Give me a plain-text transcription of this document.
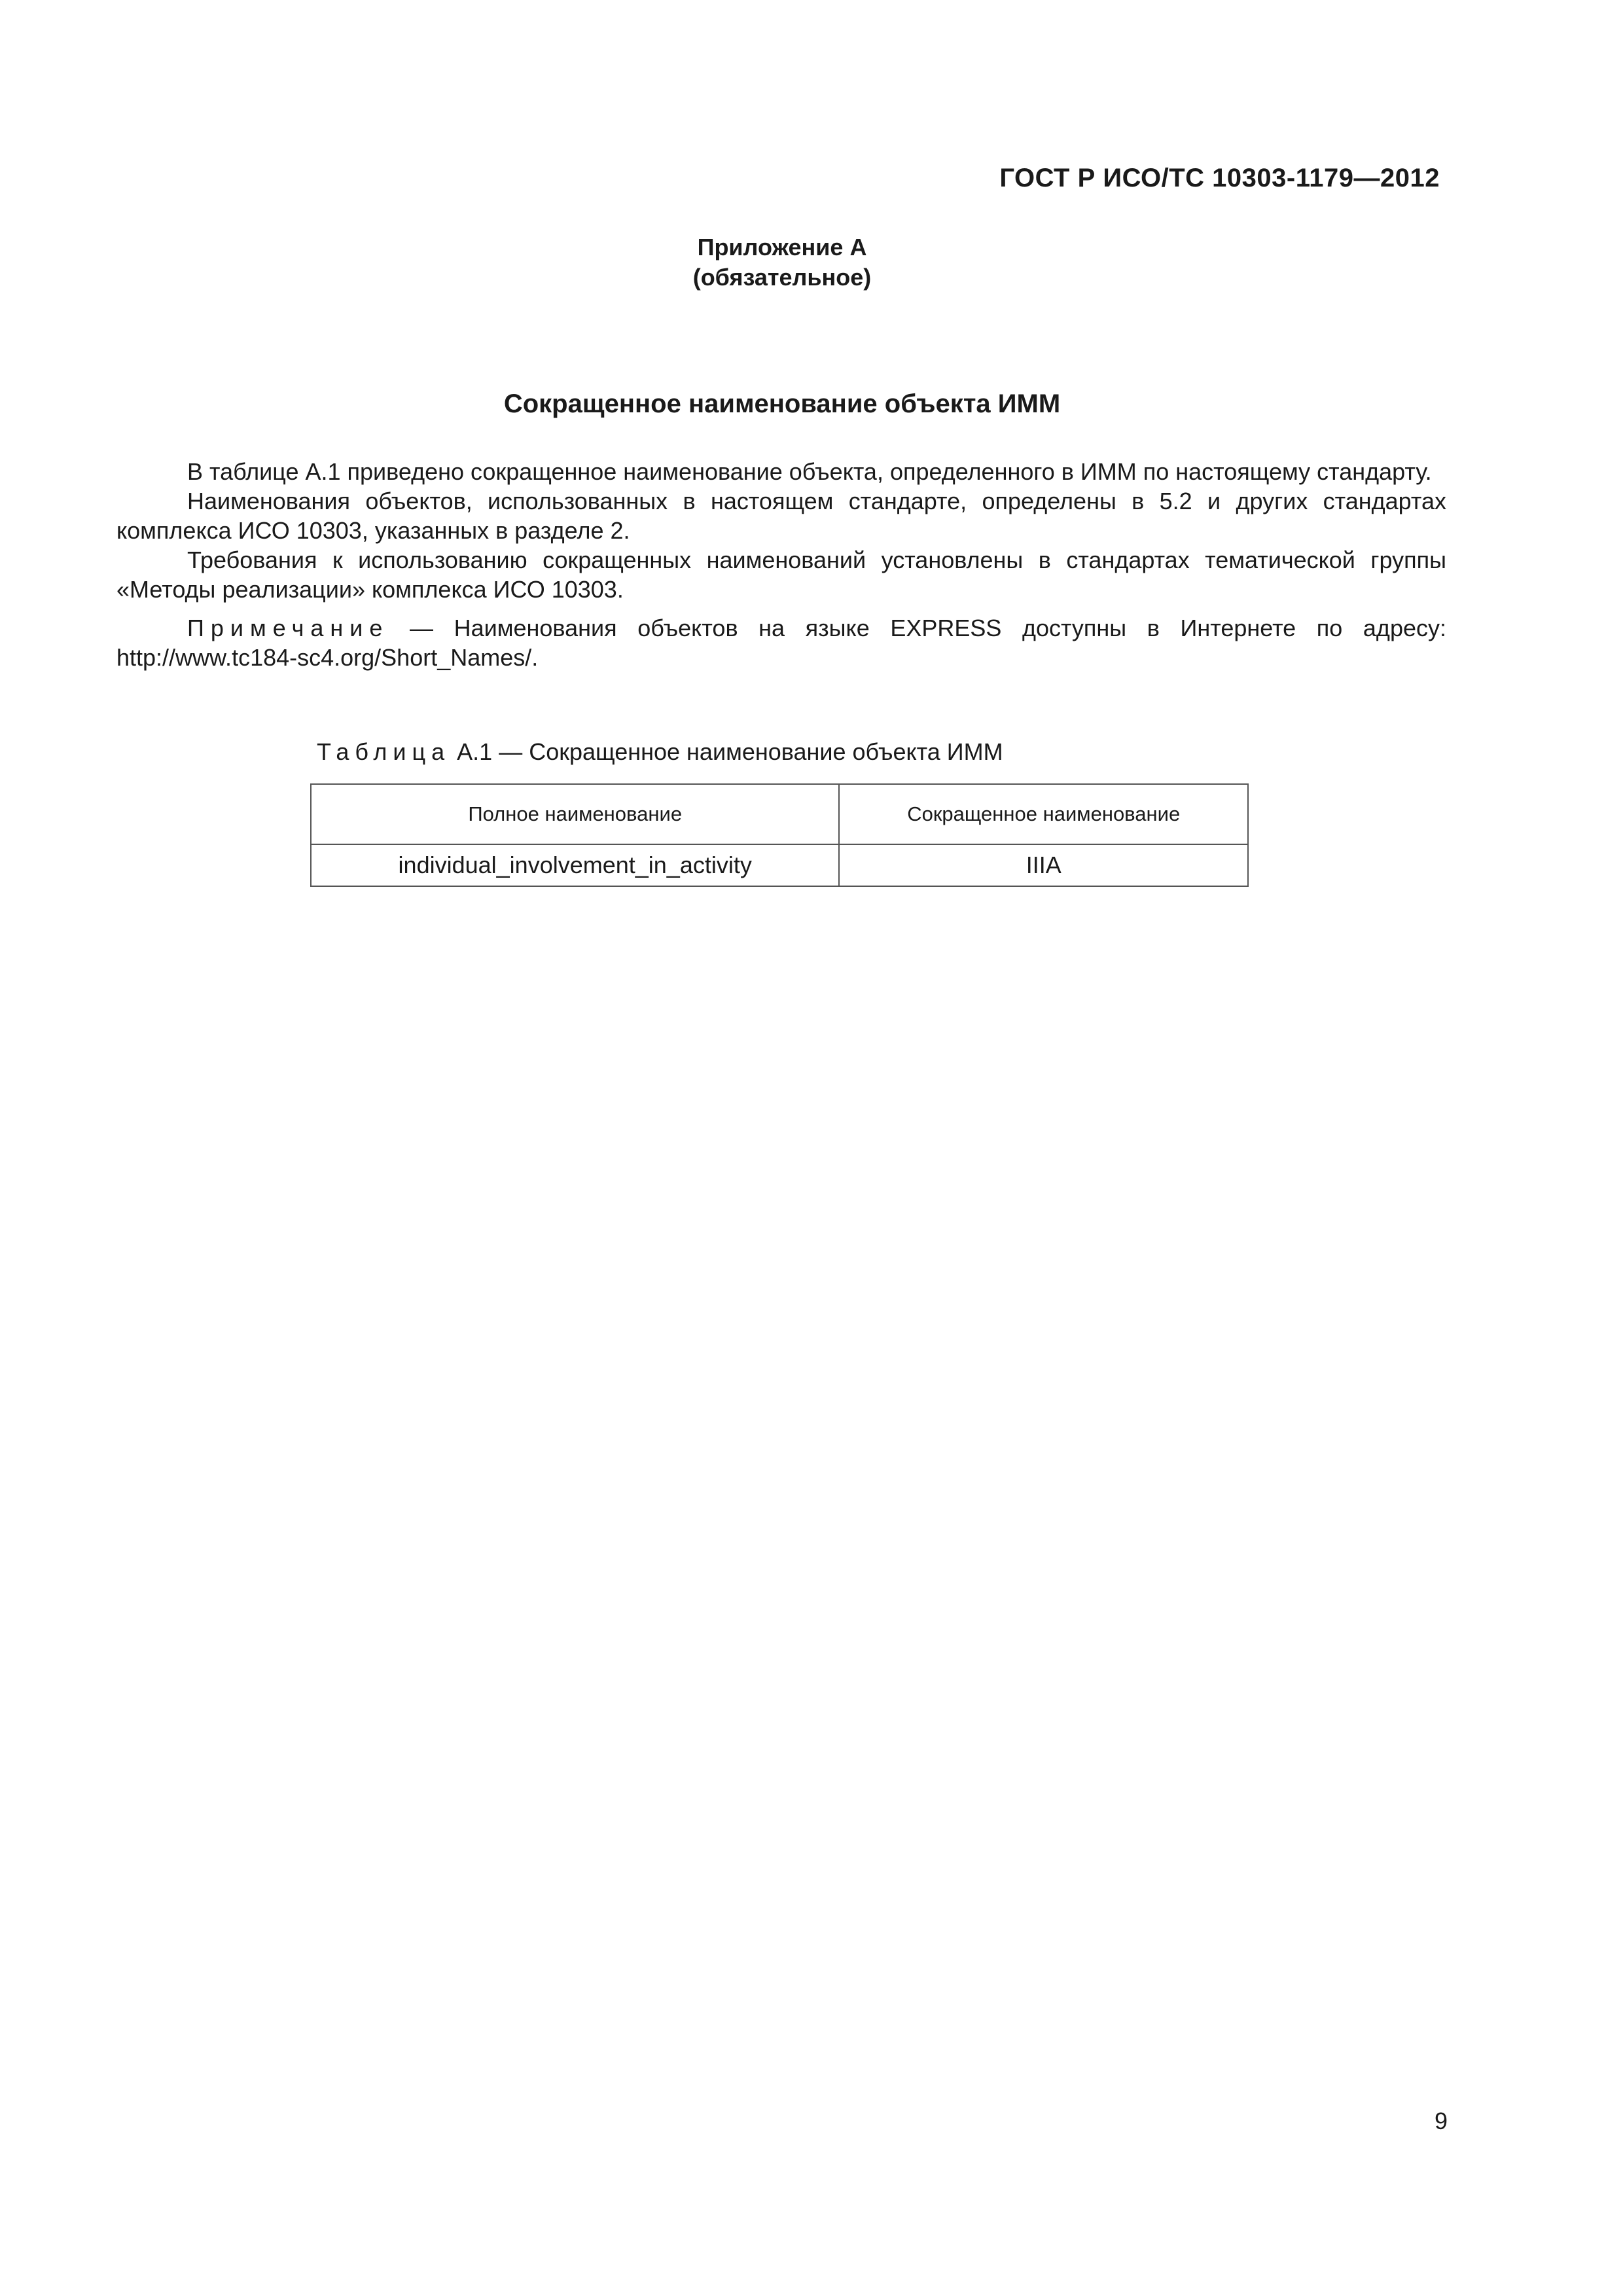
ГОСТ Р ИСО/ТС 10303-1179—2012
Приложение А
(обязательное)
Сокращенное наименование объекта ИММ

В таблице А.1 приведено сокращенное наименование объекта, определенного в ИММ по настоящему стандарту.

Наименования объектов, использованных в настоящем стандарте, определены в 5.2 и других стандартах комплекса ИСО 10303, указанных в разделе 2.

Требования к использованию сокращенных наименований установлены в стандартах тематической группы «Методы реализации» комплекса ИСО 10303.

Примечание — Наименования объектов на языке EXPRESS доступны в Интернете по адресу: http://www.tc184-sc4.org/Short_Names/.

Таблица А.1 — Сокращенное наименование объекта ИММ
Полное наименование	Сокращенное наименование
individual_involvement_in_activity	IIIA
9
